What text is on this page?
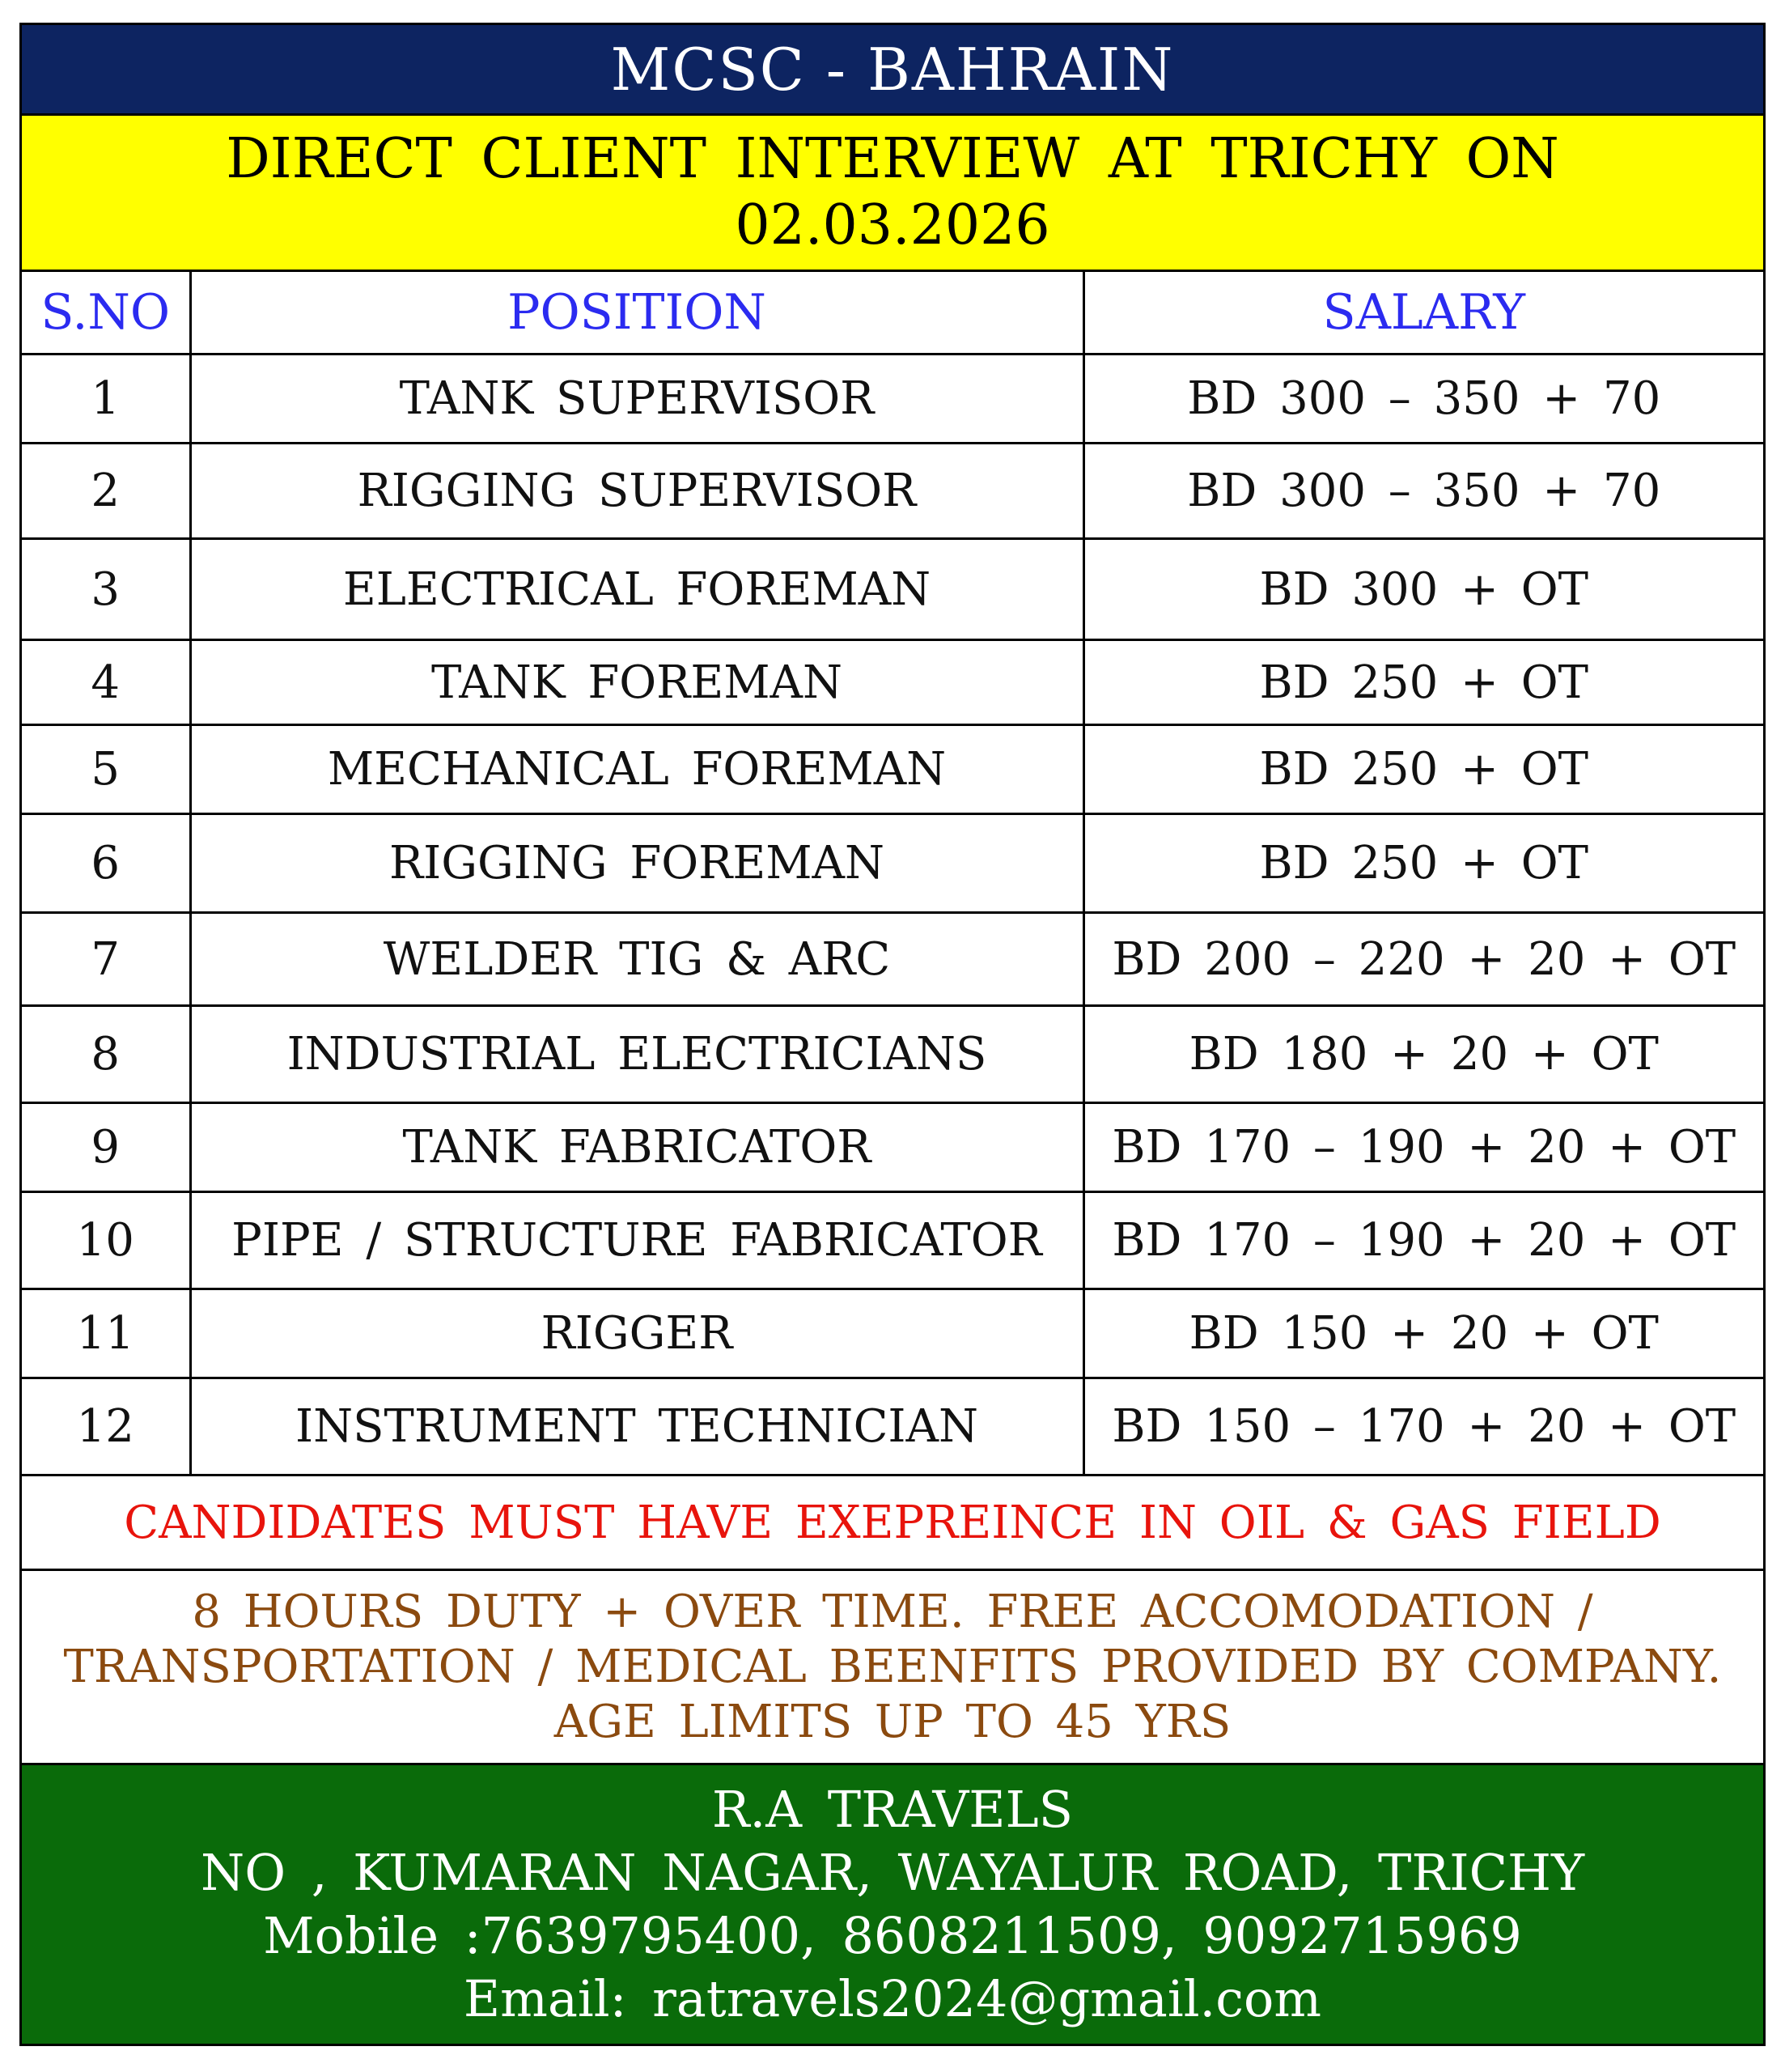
MCSC - BAHRAIN
DIRECT CLIENT INTERVIEW AT TRICHY ON
02.03.2026
S.NO	POSITION	SALARY
1	TANK SUPERVISOR	BD 300 – 350 + 70
2	RIGGING SUPERVISOR	BD 300 – 350 + 70
3	ELECTRICAL FOREMAN	BD 300 + OT
4	TANK FOREMAN	BD 250 + OT
5	MECHANICAL FOREMAN	BD 250 + OT
6	RIGGING FOREMAN	BD 250 + OT
7	WELDER TIG & ARC	BD 200 – 220 + 20 + OT
8	INDUSTRIAL ELECTRICIANS	BD 180 + 20 + OT
9	TANK FABRICATOR	BD 170 – 190 + 20 + OT
10	PIPE / STRUCTURE FABRICATOR	BD 170 – 190 + 20 + OT
11	RIGGER	BD 150 + 20 + OT
12	INSTRUMENT TECHNICIAN	BD 150 – 170 + 20 + OT
CANDIDATES MUST HAVE EXEPREINCE IN OIL & GAS FIELD
8 HOURS DUTY + OVER TIME. FREE ACCOMODATION /
TRANSPORTATION / MEDICAL BEENFITS PROVIDED BY COMPANY.
AGE LIMITS UP TO 45 YRS
R.A TRAVELS
NO , KUMARAN NAGAR, WAYALUR ROAD, TRICHY
Mobile :7639795400, 8608211509, 9092715969
Email: ratravels2024@gmail.com
